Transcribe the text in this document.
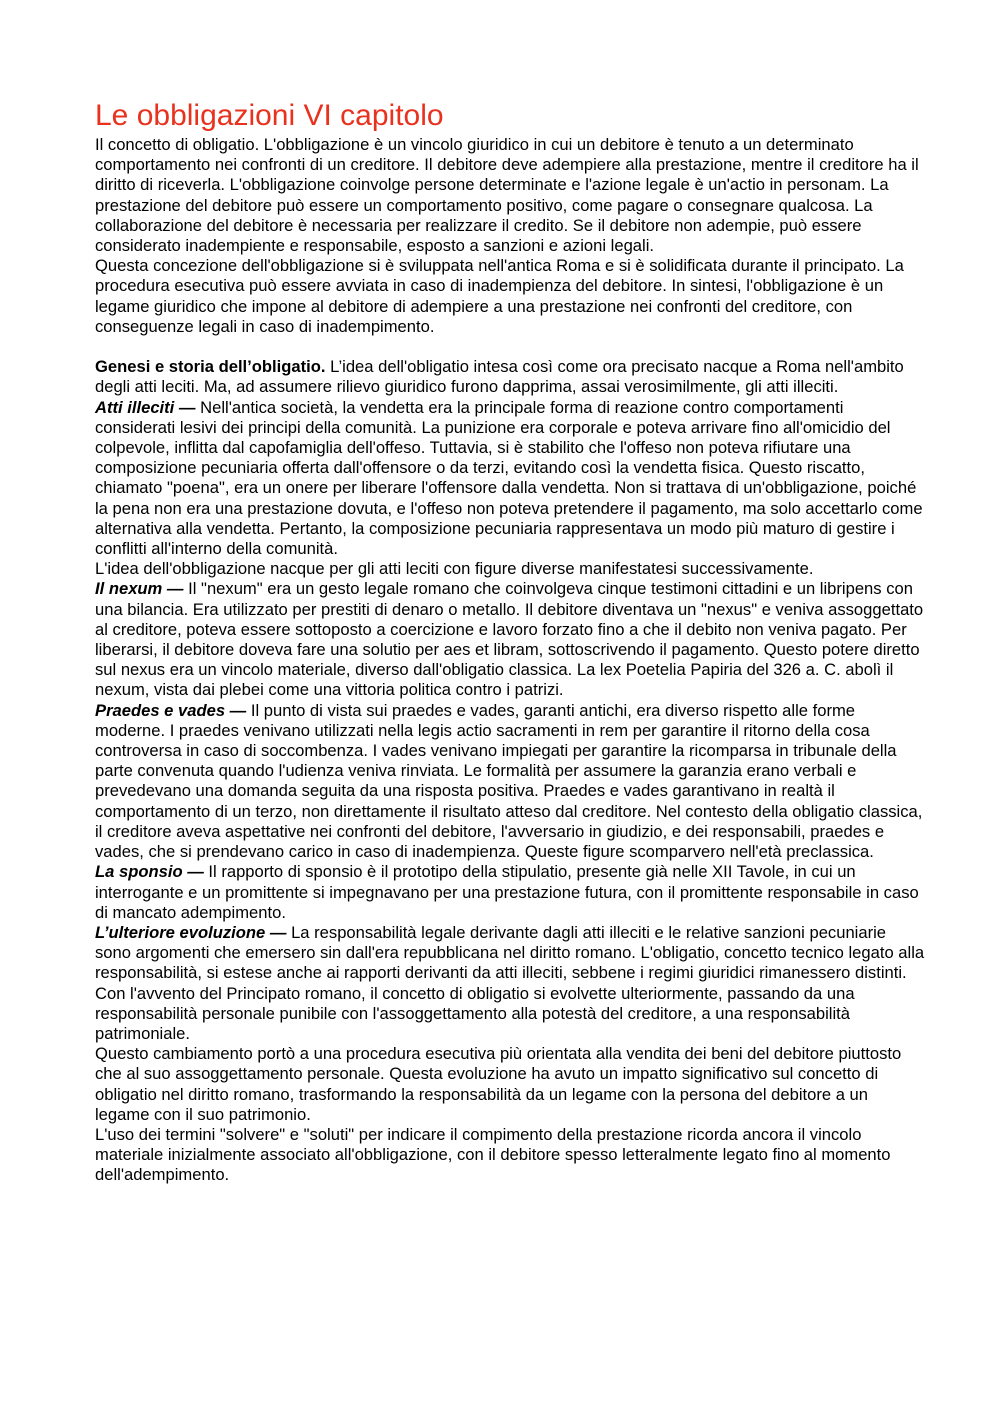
Le obbligazioni VI capitolo

Il concetto di obligatio. L'obbligazione è un vincolo giuridico in cui un debitore è tenuto a un determinato comportamento nei confronti di un creditore. Il debitore deve adempiere alla prestazione, mentre il creditore ha il diritto di riceverla. L'obbligazione coinvolge persone determinate e l'azione legale è un'actio in personam. La prestazione del debitore può essere un comportamento positivo, come pagare o consegnare qualcosa. La collaborazione del debitore è necessaria per realizzare il credito. Se il debitore non adempie, può essere considerato inadempiente e responsabile, esposto a sanzioni e azioni legali.

Questa concezione dell'obbligazione si è sviluppata nell'antica Roma e si è solidificata durante il principato. La procedura esecutiva può essere avviata in caso di inadempienza del debitore. In sintesi, l'obbligazione è un legame giuridico che impone al debitore di adempiere a una prestazione nei confronti del creditore, con conseguenze legali in caso di inadempimento.

Genesi e storia dell’obligatio. L’idea dell'obligatio intesa così come ora precisato nacque a Roma nell'ambito degli atti leciti. Ma, ad assumere rilievo giuridico furono dapprima, assai verosimilmente, gli atti illeciti.

Atti illeciti — Nell'antica società, la vendetta era la principale forma di reazione contro comportamenti considerati lesivi dei principi della comunità. La punizione era corporale e poteva arrivare fino all'omicidio del colpevole, inflitta dal capofamiglia dell'offeso. Tuttavia, si è stabilito che l'offeso non poteva rifiutare una composizione pecuniaria offerta dall'offensore o da terzi, evitando così la vendetta fisica. Questo riscatto, chiamato "poena", era un onere per liberare l'offensore dalla vendetta. Non si trattava di un'obbligazione, poiché la pena non era una prestazione dovuta, e l'offeso non poteva pretendere il pagamento, ma solo accettarlo come alternativa alla vendetta. Pertanto, la composizione pecuniaria rappresentava un modo più maturo di gestire i conflitti all'interno della comunità.

L'idea dell'obbligazione nacque per gli atti leciti con figure diverse manifestatesi successivamente.

Il nexum — Il "nexum" era un gesto legale romano che coinvolgeva cinque testimoni cittadini e un libripens con una bilancia. Era utilizzato per prestiti di denaro o metallo. Il debitore diventava un "nexus" e veniva assoggettato al creditore, poteva essere sottoposto a coercizione e lavoro forzato fino a che il debito non veniva pagato. Per liberarsi, il debitore doveva fare una solutio per aes et libram, sottoscrivendo il pagamento. Questo potere diretto sul nexus era un vincolo materiale, diverso dall'obligatio classica. La lex Poetelia Papiria del 326 a. C. abolì il nexum, vista dai plebei come una vittoria politica contro i patrizi.

Praedes e vades — Il punto di vista sui praedes e vades, garanti antichi, era diverso rispetto alle forme moderne. I praedes venivano utilizzati nella legis actio sacramenti in rem per garantire il ritorno della cosa controversa in caso di soccombenza. I vades venivano impiegati per garantire la ricomparsa in tribunale della parte convenuta quando l'udienza veniva rinviata. Le formalità per assumere la garanzia erano verbali e prevedevano una domanda seguita da una risposta positiva. Praedes e vades garantivano in realtà il comportamento di un terzo, non direttamente il risultato atteso dal creditore. Nel contesto della obligatio classica, il creditore aveva aspettative nei confronti del debitore, l'avversario in giudizio, e dei responsabili, praedes e vades, che si prendevano carico in caso di inadempienza. Queste figure scomparvero nell'età preclassica.

La sponsio — Il rapporto di sponsio è il prototipo della stipulatio, presente già nelle XII Tavole, in cui un interrogante e un promittente si impegnavano per una prestazione futura, con il promittente responsabile in caso di mancato adempimento.

L’ulteriore evoluzione — La responsabilità legale derivante dagli atti illeciti e le relative sanzioni pecuniarie sono argomenti che emersero sin dall'era repubblicana nel diritto romano. L'obligatio, concetto tecnico legato alla responsabilità, si estese anche ai rapporti derivanti da atti illeciti, sebbene i regimi giuridici rimanessero distinti. Con l'avvento del Principato romano, il concetto di obligatio si evolvette ulteriormente, passando da una responsabilità personale punibile con l'assoggettamento alla potestà del creditore, a una responsabilità patrimoniale.

Questo cambiamento portò a una procedura esecutiva più orientata alla vendita dei beni del debitore piuttosto che al suo assoggettamento personale. Questa evoluzione ha avuto un impatto significativo sul concetto di obligatio nel diritto romano, trasformando la responsabilità da un legame con la persona del debitore a un legame con il suo patrimonio.

L'uso dei termini "solvere" e "soluti" per indicare il compimento della prestazione ricorda ancora il vincolo materiale inizialmente associato all'obbligazione, con il debitore spesso letteralmente legato fino al momento dell'adempimento.
